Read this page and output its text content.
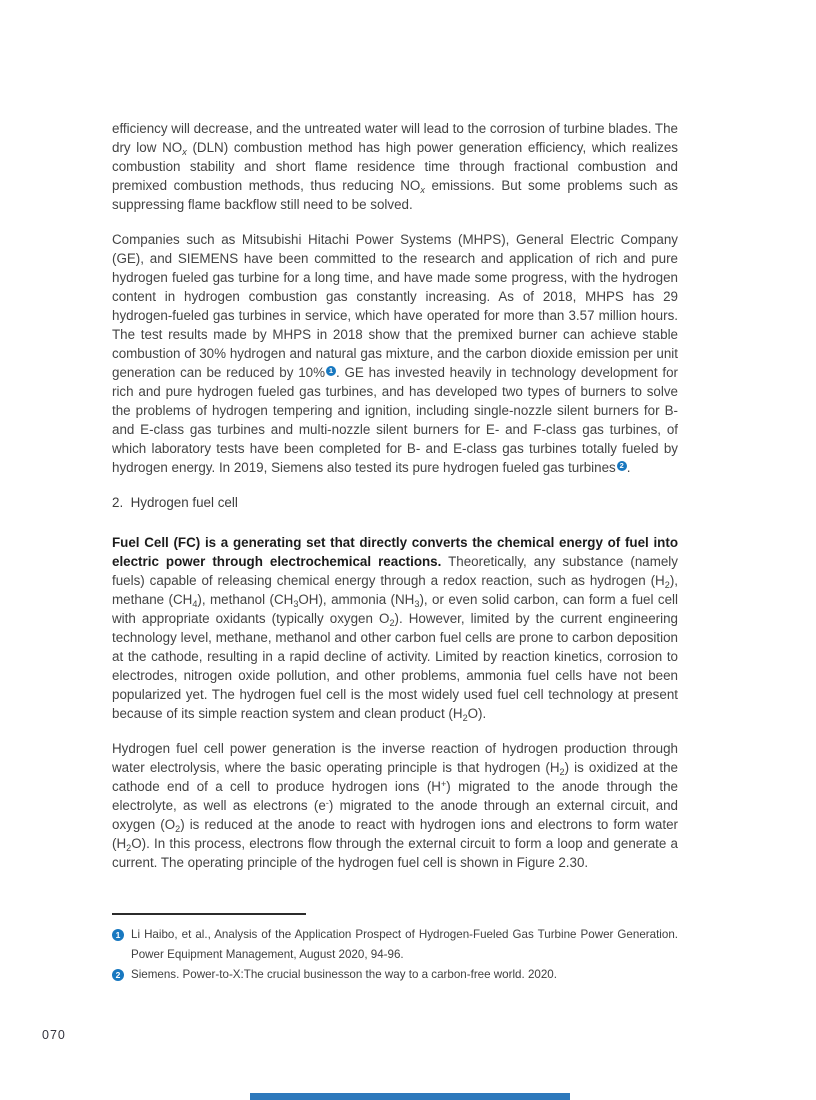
efficiency will decrease, and the untreated water will lead to the corrosion of turbine blades. The dry low $NO_x$ (DLN) combustion method has high power generation efficiency, which realizes combustion stability and short flame residence time through fractional combustion and premixed combustion methods, thus reducing $NO_x$ emissions. But some problems such as suppressing flame backflow still need to be solved.

Companies such as Mitsubishi Hitachi Power Systems (MHPS), General Electric Company (GE), and SIEMENS have been committed to the research and application of rich and pure hydrogen fueled gas turbine for a long time, and have made some progress, with the hydrogen content in hydrogen combustion gas constantly increasing. As of 2018, MHPS has 29 hydrogen-fueled gas turbines in service, which have operated for more than 3.57 million hours. The test results made by MHPS in 2018 show that the premixed burner can achieve stable combustion of 30% hydrogen and natural gas mixture, and the carbon dioxide emission per unit generation can be reduced by 10% 1 . GE has invested heavily in technology development for rich and pure hydrogen fueled gas turbines, and has developed two types of burners to solve the problems of hydrogen tempering and ignition, including single-nozzle silent burners for B- and E-class gas turbines and multi-nozzle silent burners for E- and F-class gas turbines, of which laboratory tests have been completed for B- and E-class gas turbines totally fueled by hydrogen energy. In 2019, Siemens also tested its pure hydrogen fueled gas turbines 2 .

2.  Hydrogen fuel cell

Fuel Cell (FC) is a generating set that directly converts the chemical energy of fuel into electric power through electrochemical reactions. Theoretically, any substance (namely fuels) capable of releasing chemical energy through a redox reaction, such as hydrogen $(H_2)$, methane $(CH_4)$, methanol $(CH_3OH)$, ammonia $(NH_3)$, or even solid carbon, can form a fuel cell with appropriate oxidants (typically oxygen $O_2$). However, limited by the current engineering technology level, methane, methanol and other carbon fuel cells are prone to carbon deposition at the cathode, resulting in a rapid decline of activity. Limited by reaction kinetics, corrosion to electrodes, nitrogen oxide pollution, and other problems, ammonia fuel cells have not been popularized yet. The hydrogen fuel cell is the most widely used fuel cell technology at present because of its simple reaction system and clean product $(H_2O)$.

Hydrogen fuel cell power generation is the inverse reaction of hydrogen production through water electrolysis, where the basic operating principle is that hydrogen $(H_2)$ is oxidized at the cathode end of a cell to produce hydrogen ions (H+) migrated to the anode through the electrolyte, as well as electrons (e-) migrated to the anode through an external circuit, and oxygen $(O_2)$ is reduced at the anode to react with hydrogen ions and electrons to form water $(H_2O)$. In this process, electrons flow through the external circuit to form a loop and generate a current. The operating principle of the hydrogen fuel cell is shown in Figure 2.30.

1 Li Haibo, et al., Analysis of the Application Prospect of Hydrogen-Fueled Gas Turbine Power Generation. Power Equipment Management, August 2020, 94-96.
2 Siemens. Power-to-X:The crucial businesson the way to a carbon-free world. 2020.
070
